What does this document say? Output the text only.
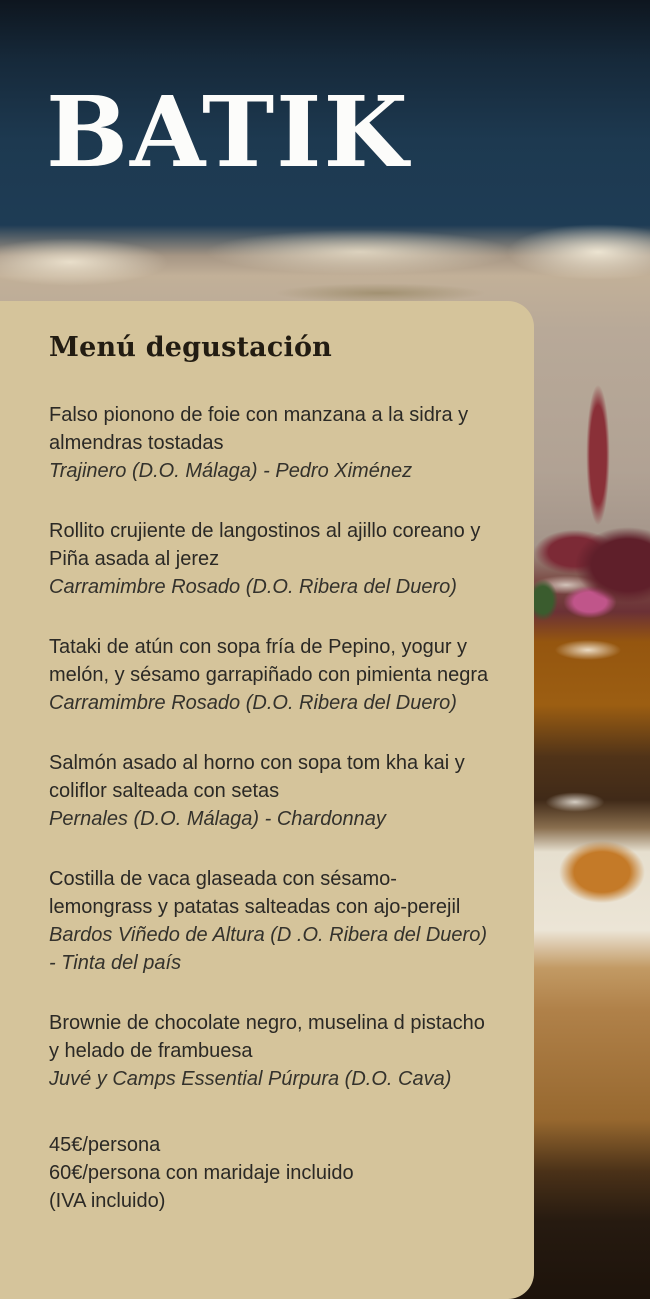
BATIK
Menú degustación

Falso pionono de foie con manzana a la sidra y almendras tostadas

Trajinero (D.O. Málaga) - Pedro Ximénez

Rollito crujiente de langostinos al ajillo coreano y Piña asada al jerez

Carramimbre Rosado (D.O. Ribera del Duero)

Tataki de atún con sopa fría de Pepino, yogur y melón, y sésamo garrapiñado con pimienta negra

Carramimbre Rosado (D.O. Ribera del Duero)

Salmón asado al horno con sopa tom kha kai y coliflor salteada con setas

Pernales (D.O. Málaga) - Chardonnay

Costilla de vaca glaseada con sésamo-lemongrass y patatas salteadas con ajo-perejil

Bardos Viñedo de Altura (D .O. Ribera del Duero) - Tinta del país

Brownie de chocolate negro, muselina d pistacho y helado de frambuesa

Juvé y Camps Essential Púrpura (D.O. Cava)

45€/persona
60€/persona con maridaje incluido
(IVA incluido)
